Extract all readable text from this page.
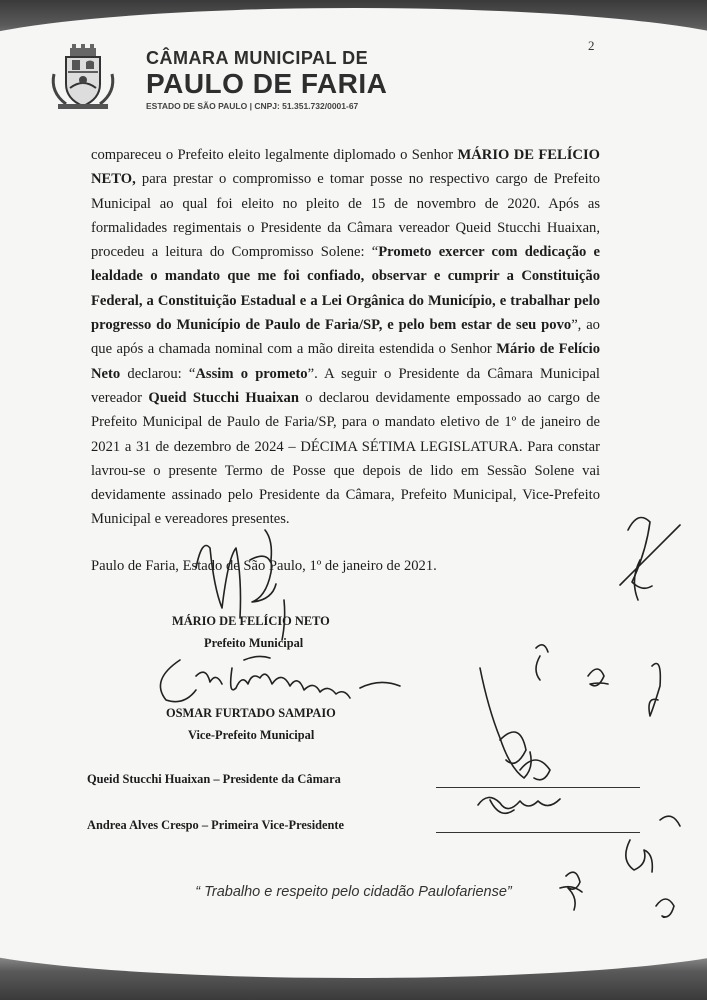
2
CÂMARA MUNICIPAL DE
PAULO DE FARIA
ESTADO DE SÃO PAULO | CNPJ: 51.351.732/0001-67
compareceu o Prefeito eleito legalmente diplomado o Senhor MÁRIO DE FELÍCIO NETO, para prestar o compromisso e tomar posse no respectivo cargo de Prefeito Municipal ao qual foi eleito no pleito de 15 de novembro de 2020. Após as formalidades regimentais o Presidente da Câmara vereador Queid Stucchi Huaixan, procedeu a leitura do Compromisso Solene: “Prometo exercer com dedicação e lealdade o mandato que me foi confiado, observar e cumprir a Constituição Federal, a Constituição Estadual e a Lei Orgânica do Município, e trabalhar pelo progresso do Município de Paulo de Faria/SP, e pelo bem estar de seu povo”, ao que após a chamada nominal com a mão direita estendida o Senhor Mário de Felício Neto declarou: “Assim o prometo”. A seguir o Presidente da Câmara Municipal vereador Queid Stucchi Huaixan o declarou devidamente empossado ao cargo de Prefeito Municipal de Paulo de Faria/SP, para o mandato eletivo de 1º de janeiro de 2021 a 31 de dezembro de 2024 – DÉCIMA SÉTIMA LEGISLATURA. Para constar lavrou-se o presente Termo de Posse que depois de lido em Sessão Solene vai devidamente assinado pelo Presidente da Câmara, Prefeito Municipal, Vice-Prefeito Municipal e vereadores presentes.
Paulo de Faria, Estado de São Paulo, 1º de janeiro de 2021.
MÁRIO DE FELÍCIO NETO
Prefeito Municipal
OSMAR FURTADO SAMPAIO
Vice-Prefeito Municipal
Queid Stucchi Huaixan – Presidente da Câmara
Andrea Alves Crespo – Primeira Vice-Presidente
“ Trabalho e respeito pelo cidadão Paulofariense”
